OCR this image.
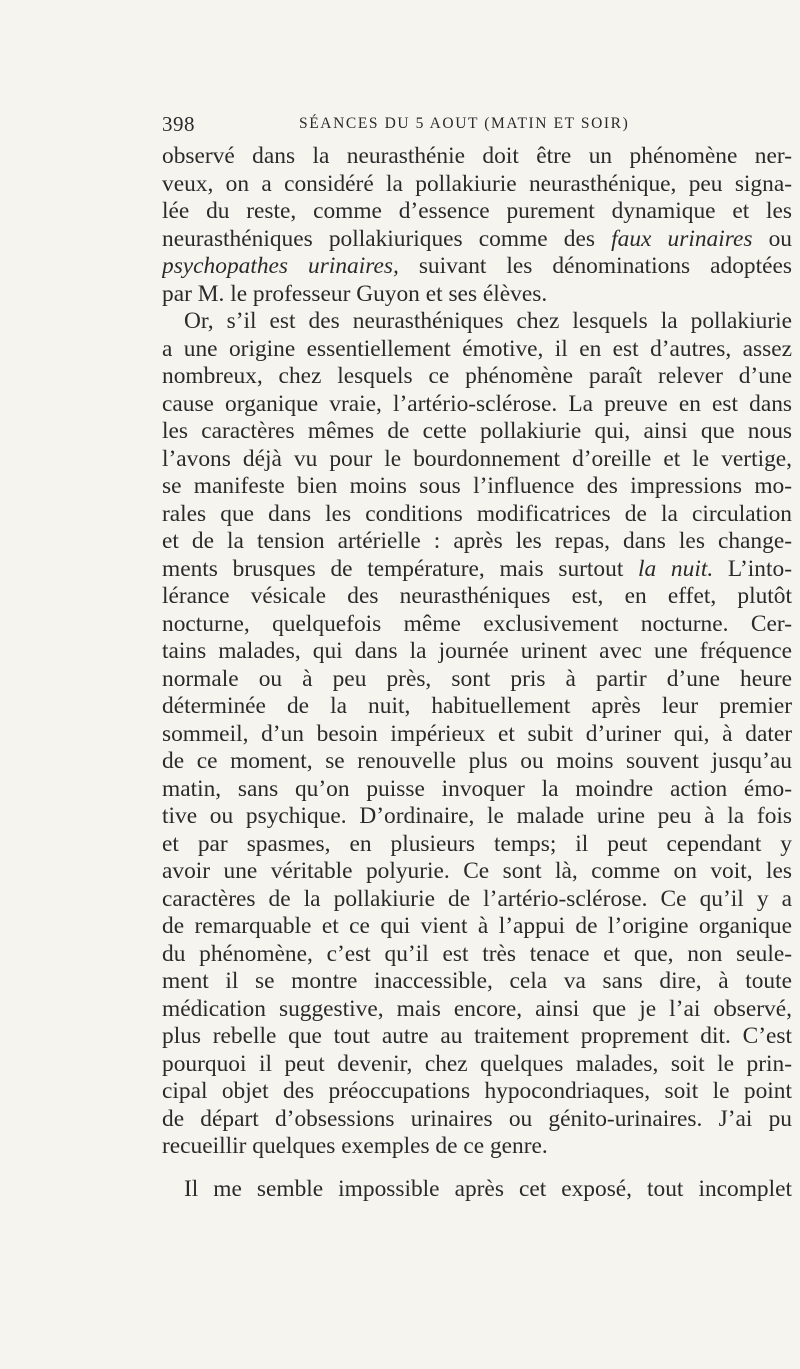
398	SÉANCES DU 5 AOUT (MATIN ET SOIR)
observé dans la neurasthénie doit être un phénomène ner-
veux, on a considéré la pollakiurie neurasthénique, peu signa-
lée du reste, comme d’essence purement dynamique et les
neurasthéniques pollakiuriques comme des faux urinaires ou
psychopathes urinaires, suivant les dénominations adoptées
par M. le professeur Guyon et ses élèves.
Or, s’il est des neurasthéniques chez lesquels la pollakiurie
a une origine essentiellement émotive, il en est d’autres, assez
nombreux, chez lesquels ce phénomène paraît relever d’une
cause organique vraie, l’artério-sclérose. La preuve en est dans
les caractères mêmes de cette pollakiurie qui, ainsi que nous
l’avons déjà vu pour le bourdonnement d’oreille et le vertige,
se manifeste bien moins sous l’influence des impressions mo-
rales que dans les conditions modificatrices de la circulation
et de la tension artérielle : après les repas, dans les change-
ments brusques de température, mais surtout la nuit. L’into-
lérance vésicale des neurasthéniques est, en effet, plutôt
nocturne, quelquefois même exclusivement nocturne. Cer-
tains malades, qui dans la journée urinent avec une fréquence
normale ou à peu près, sont pris à partir d’une heure
déterminée de la nuit, habituellement après leur premier
sommeil, d’un besoin impérieux et subit d’uriner qui, à dater
de ce moment, se renouvelle plus ou moins souvent jusqu’au
matin, sans qu’on puisse invoquer la moindre action émo-
tive ou psychique. D’ordinaire, le malade urine peu à la fois
et par spasmes, en plusieurs temps; il peut cependant y
avoir une véritable polyurie. Ce sont là, comme on voit, les
caractères de la pollakiurie de l’artério-sclérose. Ce qu’il y a
de remarquable et ce qui vient à l’appui de l’origine organique
du phénomène, c’est qu’il est très tenace et que, non seule-
ment il se montre inaccessible, cela va sans dire, à toute
médication suggestive, mais encore, ainsi que je l’ai observé,
plus rebelle que tout autre au traitement proprement dit. C’est
pourquoi il peut devenir, chez quelques malades, soit le prin-
cipal objet des préoccupations hypocondriaques, soit le point
de départ d’obsessions urinaires ou génito-urinaires. J’ai pu
recueillir quelques exemples de ce genre.
Il me semble impossible après cet exposé, tout incomplet
